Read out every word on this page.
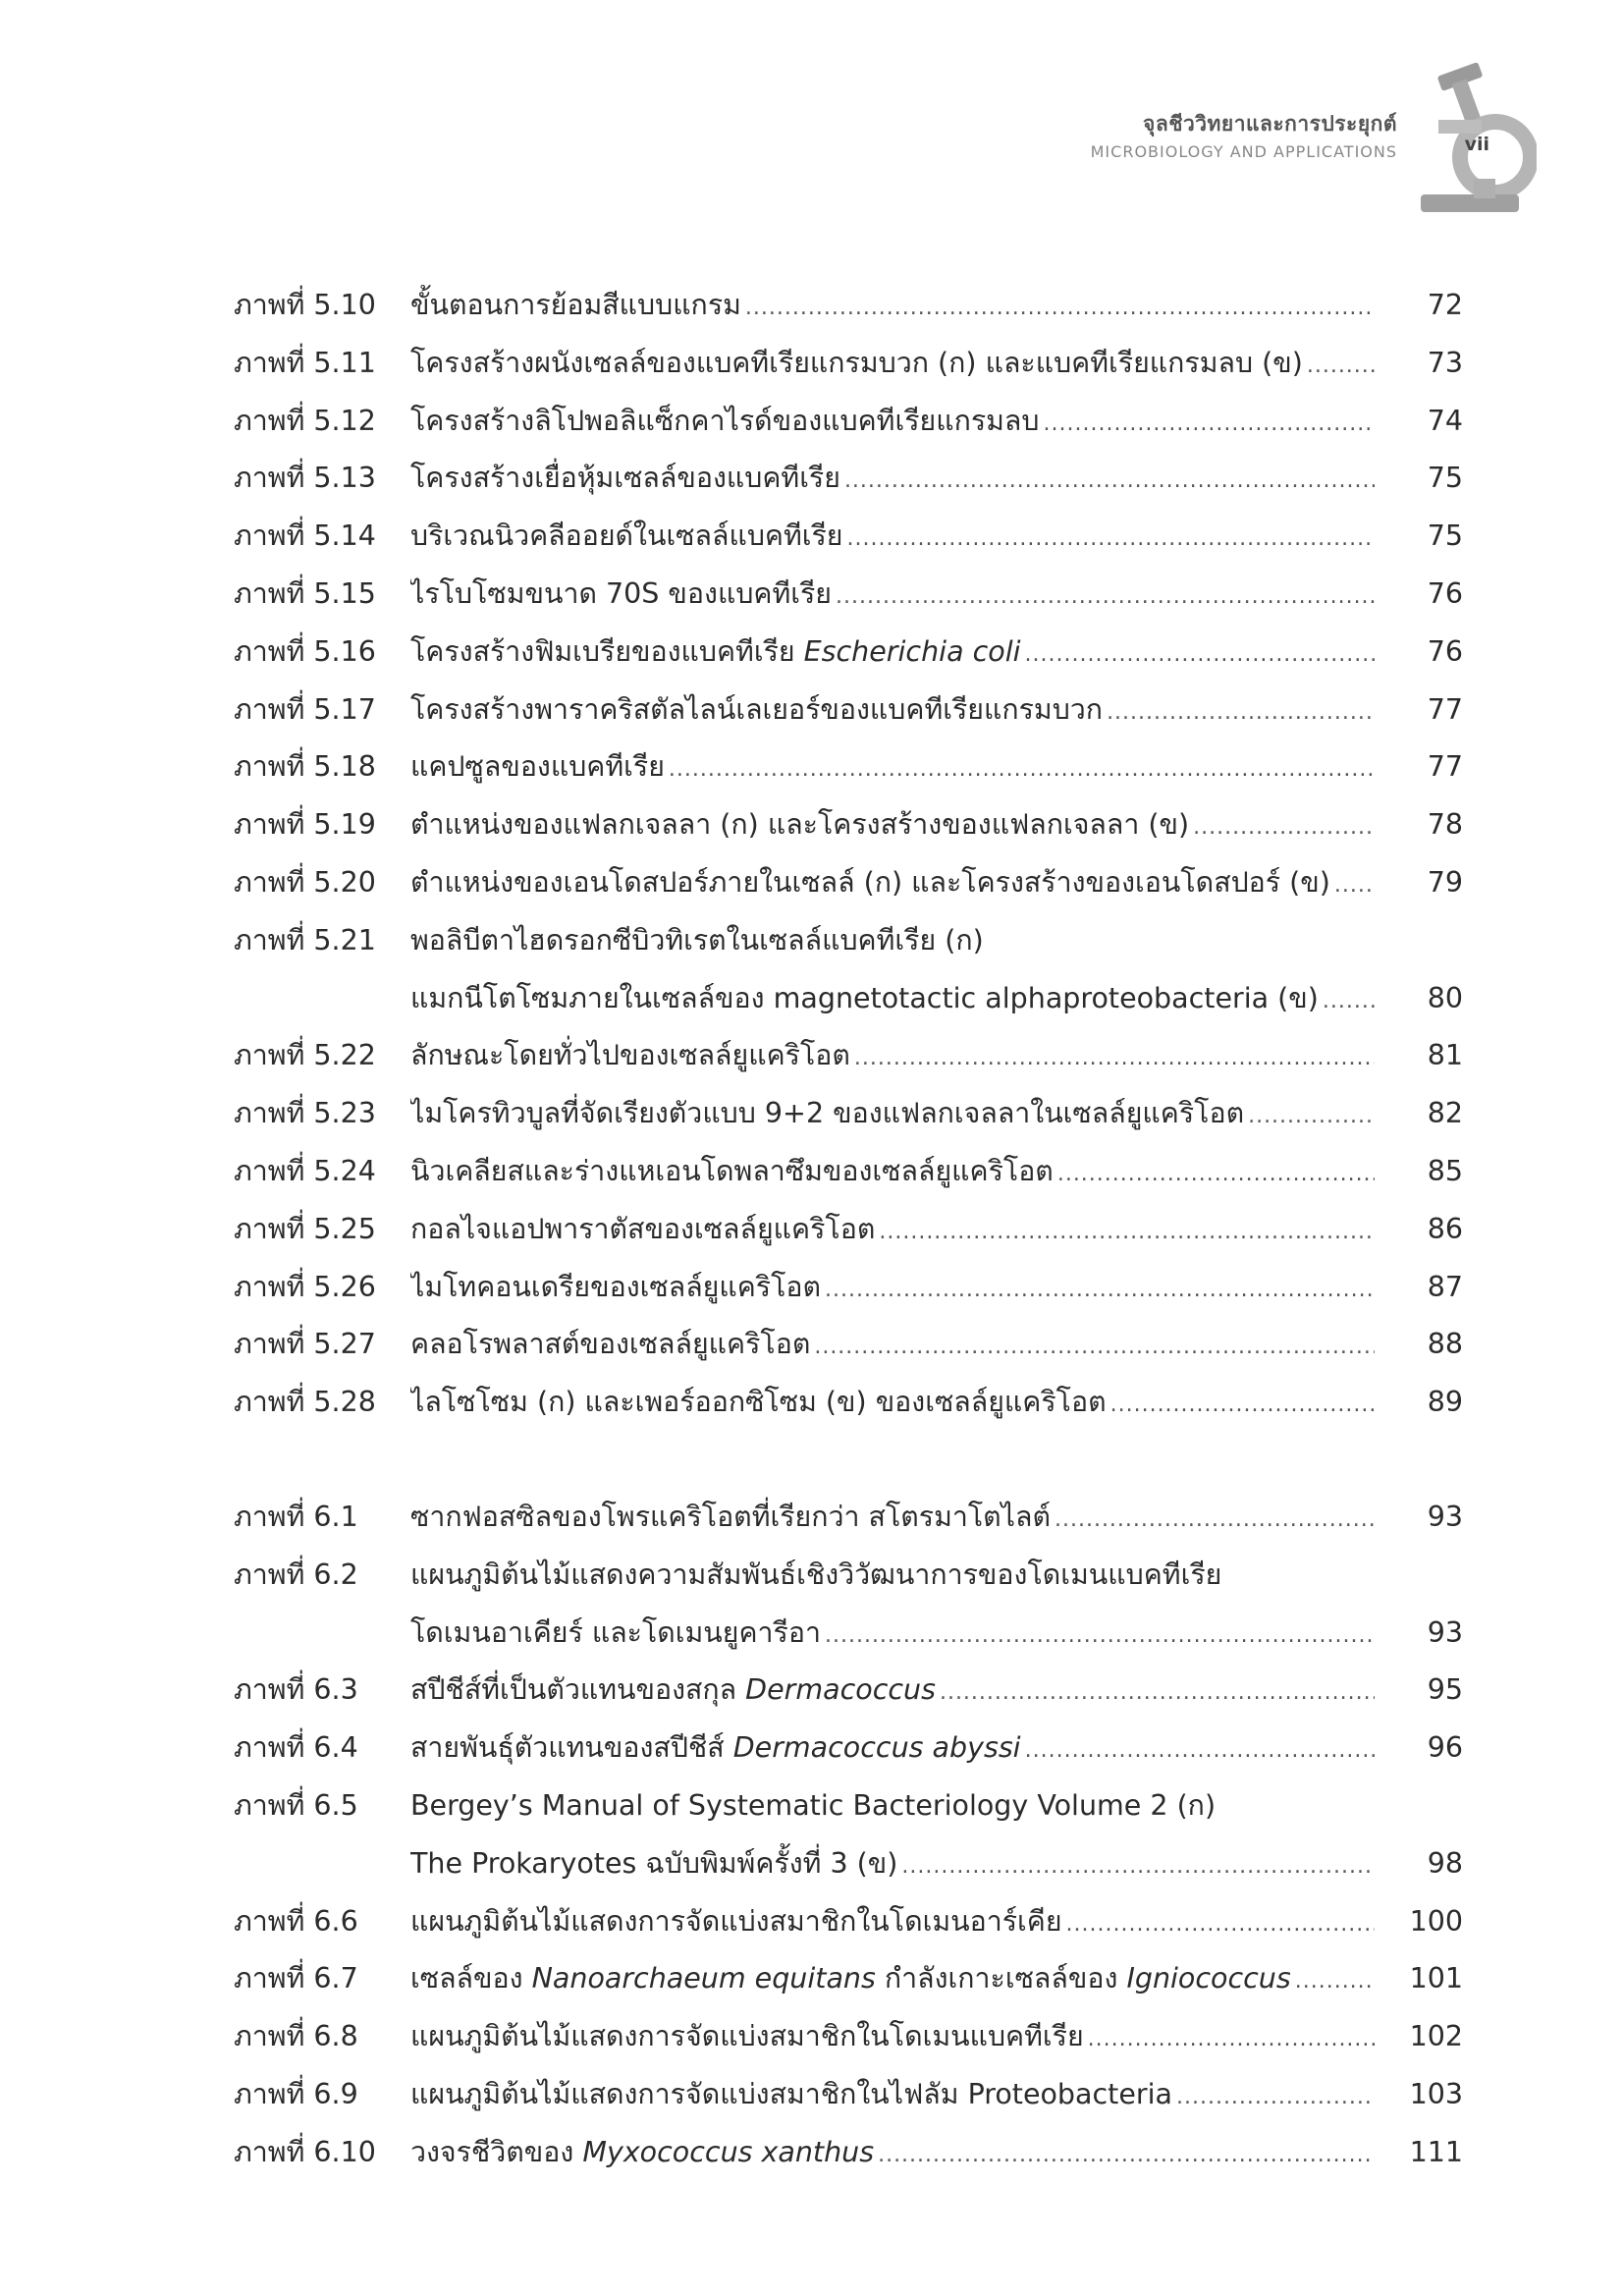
จุลชีววิทยาและการประยุกต์
MICROBIOLOGY AND APPLICATIONS	vii
ภาพที่ 5.10	ขั้นตอนการย้อมสีแบบแกรม .....	72
ภาพที่ 5.11	โครงสร้างผนังเซลล์ของแบคทีเรียแกรมบวก (ก) และแบคทีเรียแกรมลบ (ข) .....	73
ภาพที่ 5.12	โครงสร้างลิโปพอลิแซ็กคาไรด์ของแบคทีเรียแกรมลบ .....	74
ภาพที่ 5.13	โครงสร้างเยื่อหุ้มเซลล์ของแบคทีเรีย .....	75
ภาพที่ 5.14	บริเวณนิวคลีออยด์ในเซลล์แบคทีเรีย .....	75
ภาพที่ 5.15	ไรโบโซมขนาด 70S ของแบคทีเรีย .....	76
ภาพที่ 5.16	โครงสร้างฟิมเบรียของแบคทีเรีย Escherichia coli .....	76
ภาพที่ 5.17	โครงสร้างพาราคริสตัลไลน์เลเยอร์ของแบคทีเรียแกรมบวก .....	77
ภาพที่ 5.18	แคปซูลของแบคทีเรีย .....	77
ภาพที่ 5.19	ตำแหน่งของแฟลกเจลลา (ก) และโครงสร้างของแฟลกเจลลา (ข) .....	78
ภาพที่ 5.20	ตำแหน่งของเอนโดสปอร์ภายในเซลล์ (ก) และโครงสร้างของเอนโดสปอร์ (ข) .....	79
ภาพที่ 5.21	พอลิบีตาไฮดรอกซีบิวทิเรตในเซลล์แบคทีเรีย (ก)
แมกนีโตโซมภายในเซลล์ของ magnetotactic alphaproteobacteria (ข) .....	80
ภาพที่ 5.22	ลักษณะโดยทั่วไปของเซลล์ยูแคริโอต .....	81
ภาพที่ 5.23	ไมโครทิวบูลที่จัดเรียงตัวแบบ 9+2 ของแฟลกเจลลาในเซลล์ยูแคริโอต .....	82
ภาพที่ 5.24	นิวเคลียสและร่างแหเอนโดพลาซึมของเซลล์ยูแคริโอต .....	85
ภาพที่ 5.25	กอลไจแอปพาราตัสของเซลล์ยูแคริโอต .....	86
ภาพที่ 5.26	ไมโทคอนเดรียของเซลล์ยูแคริโอต .....	87
ภาพที่ 5.27	คลอโรพลาสต์ของเซลล์ยูแคริโอต .....	88
ภาพที่ 5.28	ไลโซโซม (ก) และเพอร์ออกซิโซม (ข) ของเซลล์ยูแคริโอต .....	89
ภาพที่ 6.1	ซากฟอสซิลของโพรแคริโอตที่เรียกว่า สโตรมาโตไลต์ .....	93
ภาพที่ 6.2	แผนภูมิต้นไม้แสดงความสัมพันธ์เชิงวิวัฒนาการของโดเมนแบคทีเรีย
โดเมนอาเคียร์ และโดเมนยูคารีอา .....	93
ภาพที่ 6.3	สปีชีส์ที่เป็นตัวแทนของสกุล Dermacoccus .....	95
ภาพที่ 6.4	สายพันธุ์ตัวแทนของสปีชีส์ Dermacoccus abyssi .....	96
ภาพที่ 6.5	Bergey’s Manual of Systematic Bacteriology Volume 2 (ก)
The Prokaryotes ฉบับพิมพ์ครั้งที่ 3 (ข) .....	98
ภาพที่ 6.6	แผนภูมิต้นไม้แสดงการจัดแบ่งสมาชิกในโดเมนอาร์เคีย .....	100
ภาพที่ 6.7	เซลล์ของ Nanoarchaeum equitans กำลังเกาะเซลล์ของ Igniococcus .....	101
ภาพที่ 6.8	แผนภูมิต้นไม้แสดงการจัดแบ่งสมาชิกในโดเมนแบคทีเรีย .....	102
ภาพที่ 6.9	แผนภูมิต้นไม้แสดงการจัดแบ่งสมาชิกในไฟลัม Proteobacteria .....	103
ภาพที่ 6.10	วงจรชีวิตของ Myxococcus xanthus .....	111
